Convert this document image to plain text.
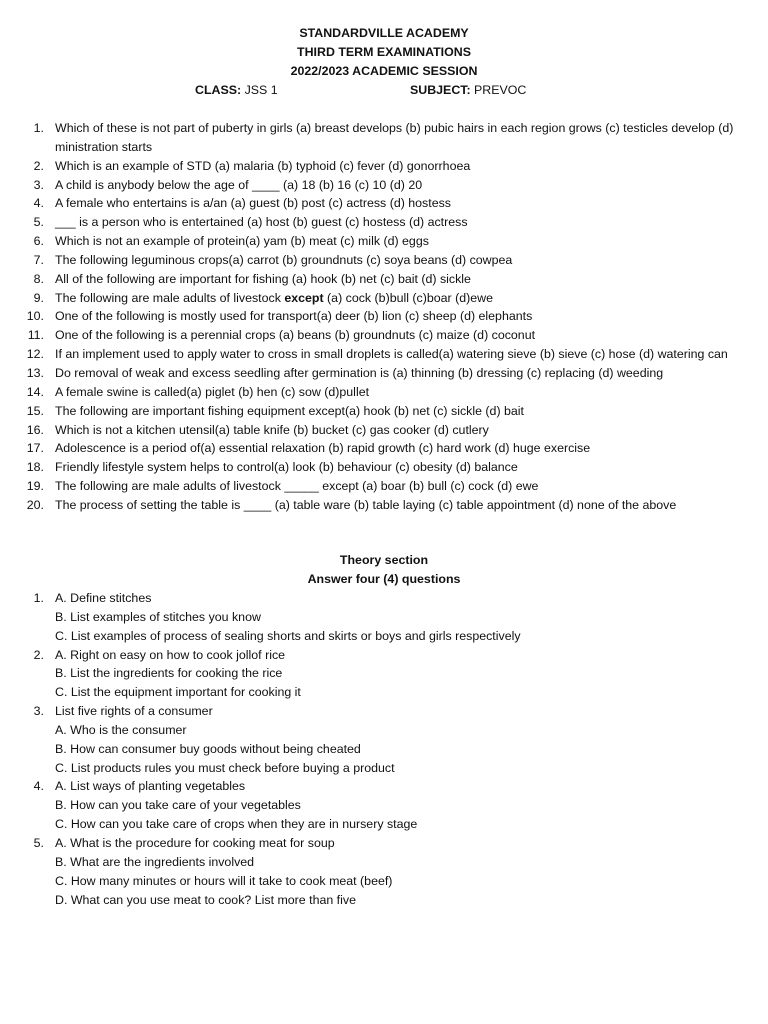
STANDARDVILLE ACADEMY
THIRD TERM EXAMINATIONS
2022/2023 ACADEMIC SESSION
CLASS: JSS 1	SUBJECT: PREVOC
1. Which of these is not part of puberty in girls (a) breast develops (b) pubic hairs in each region grows (c) testicles develop (d) ministration starts
2. Which is an example of STD (a) malaria (b) typhoid (c) fever (d) gonorrhoea
3. A child is anybody below the age of ____ (a) 18 (b) 16 (c) 10 (d) 20
4. A female who entertains is a/an (a) guest (b) post (c) actress (d) hostess
5. ___ is a person who is entertained (a) host (b) guest (c) hostess (d) actress
6. Which is not an example of protein(a) yam (b) meat (c) milk (d) eggs
7. The following leguminous crops(a) carrot (b) groundnuts (c) soya beans (d) cowpea
8. All of the following are important for fishing (a) hook (b) net (c) bait (d) sickle
9. The following are male adults of livestock except (a) cock (b)bull (c)boar (d)ewe
10. One of the following is mostly used for transport(a) deer (b) lion (c) sheep (d) elephants
11. One of the following is a perennial crops (a) beans (b) groundnuts (c) maize (d) coconut
12. If an implement used to apply water to cross in small droplets is called(a) watering sieve (b) sieve (c) hose (d) watering can
13. Do removal of weak and excess seedling after germination is (a) thinning (b) dressing (c) replacing (d) weeding
14. A female swine is called(a) piglet (b) hen (c) sow (d)pullet
15. The following are important fishing equipment except(a) hook (b) net (c) sickle (d) bait
16. Which is not a kitchen utensil(a) table knife (b) bucket (c) gas cooker (d) cutlery
17. Adolescence is a period of(a) essential relaxation (b) rapid growth (c) hard work (d) huge exercise
18. Friendly lifestyle system helps to control(a) look (b) behaviour (c) obesity (d) balance
19. The following are male adults of livestock _____ except (a) boar (b) bull (c) cock (d) ewe
20. The process of setting the table is ____ (a) table ware (b) table laying (c) table appointment (d) none of the above
Theory section
Answer four (4) questions
1. A. Define stitches
B. List examples of stitches you know
C. List examples of process of sealing shorts and skirts or boys and girls respectively
2. A. Right on easy on how to cook jollof rice
B. List the ingredients for cooking the rice
C. List the equipment important for cooking it
3. List five rights of a consumer
A. Who is the consumer
B. How can consumer buy goods without being cheated
C. List products rules you must check before buying a product
4. A. List ways of planting vegetables
B. How can you take care of your vegetables
C. How can you take care of crops when they are in nursery stage
5. A. What is the procedure for cooking meat for soup
B. What are the ingredients involved
C. How many minutes or hours will it take to cook meat (beef)
D. What can you use meat to cook? List more than five
